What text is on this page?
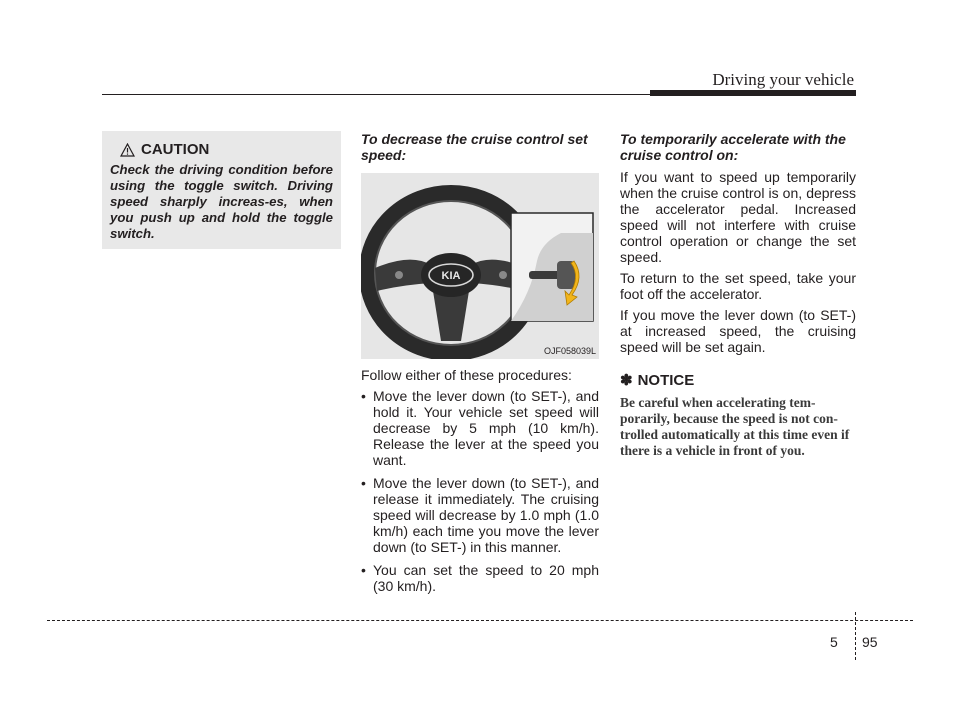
Driving your vehicle
CAUTION
Check the driving condition before using the toggle switch. Driving speed sharply increas-es, when you push up and hold the toggle switch.

To decrease the cruise control set speed:

KIA
OJF058039L

Follow either of these procedures:

• Move the lever down (to SET-), and hold it. Your vehicle set speed will decrease by 5 mph (10 km/h). Release the lever at the speed you want.
• Move the lever down (to SET-), and release it immediately. The cruising speed will decrease by 1.0 mph (1.0 km/h) each time you move the lever down (to SET-) in this manner.
• You can set the speed to 20 mph (30 km/h).

To temporarily accelerate with the cruise control on:

If you want to speed up temporarily when the cruise control is on, depress the accelerator pedal. Increased speed will not interfere with cruise control operation or change the set speed.

To return to the set speed, take your foot off the accelerator.

If you move the lever down (to SET-) at increased speed, the cruising speed will be set again.

✽ NOTICE
Be careful when accelerating tem-porarily, because the speed is not con-trolled automatically at this time even if there is a vehicle in front of you.
5 95
